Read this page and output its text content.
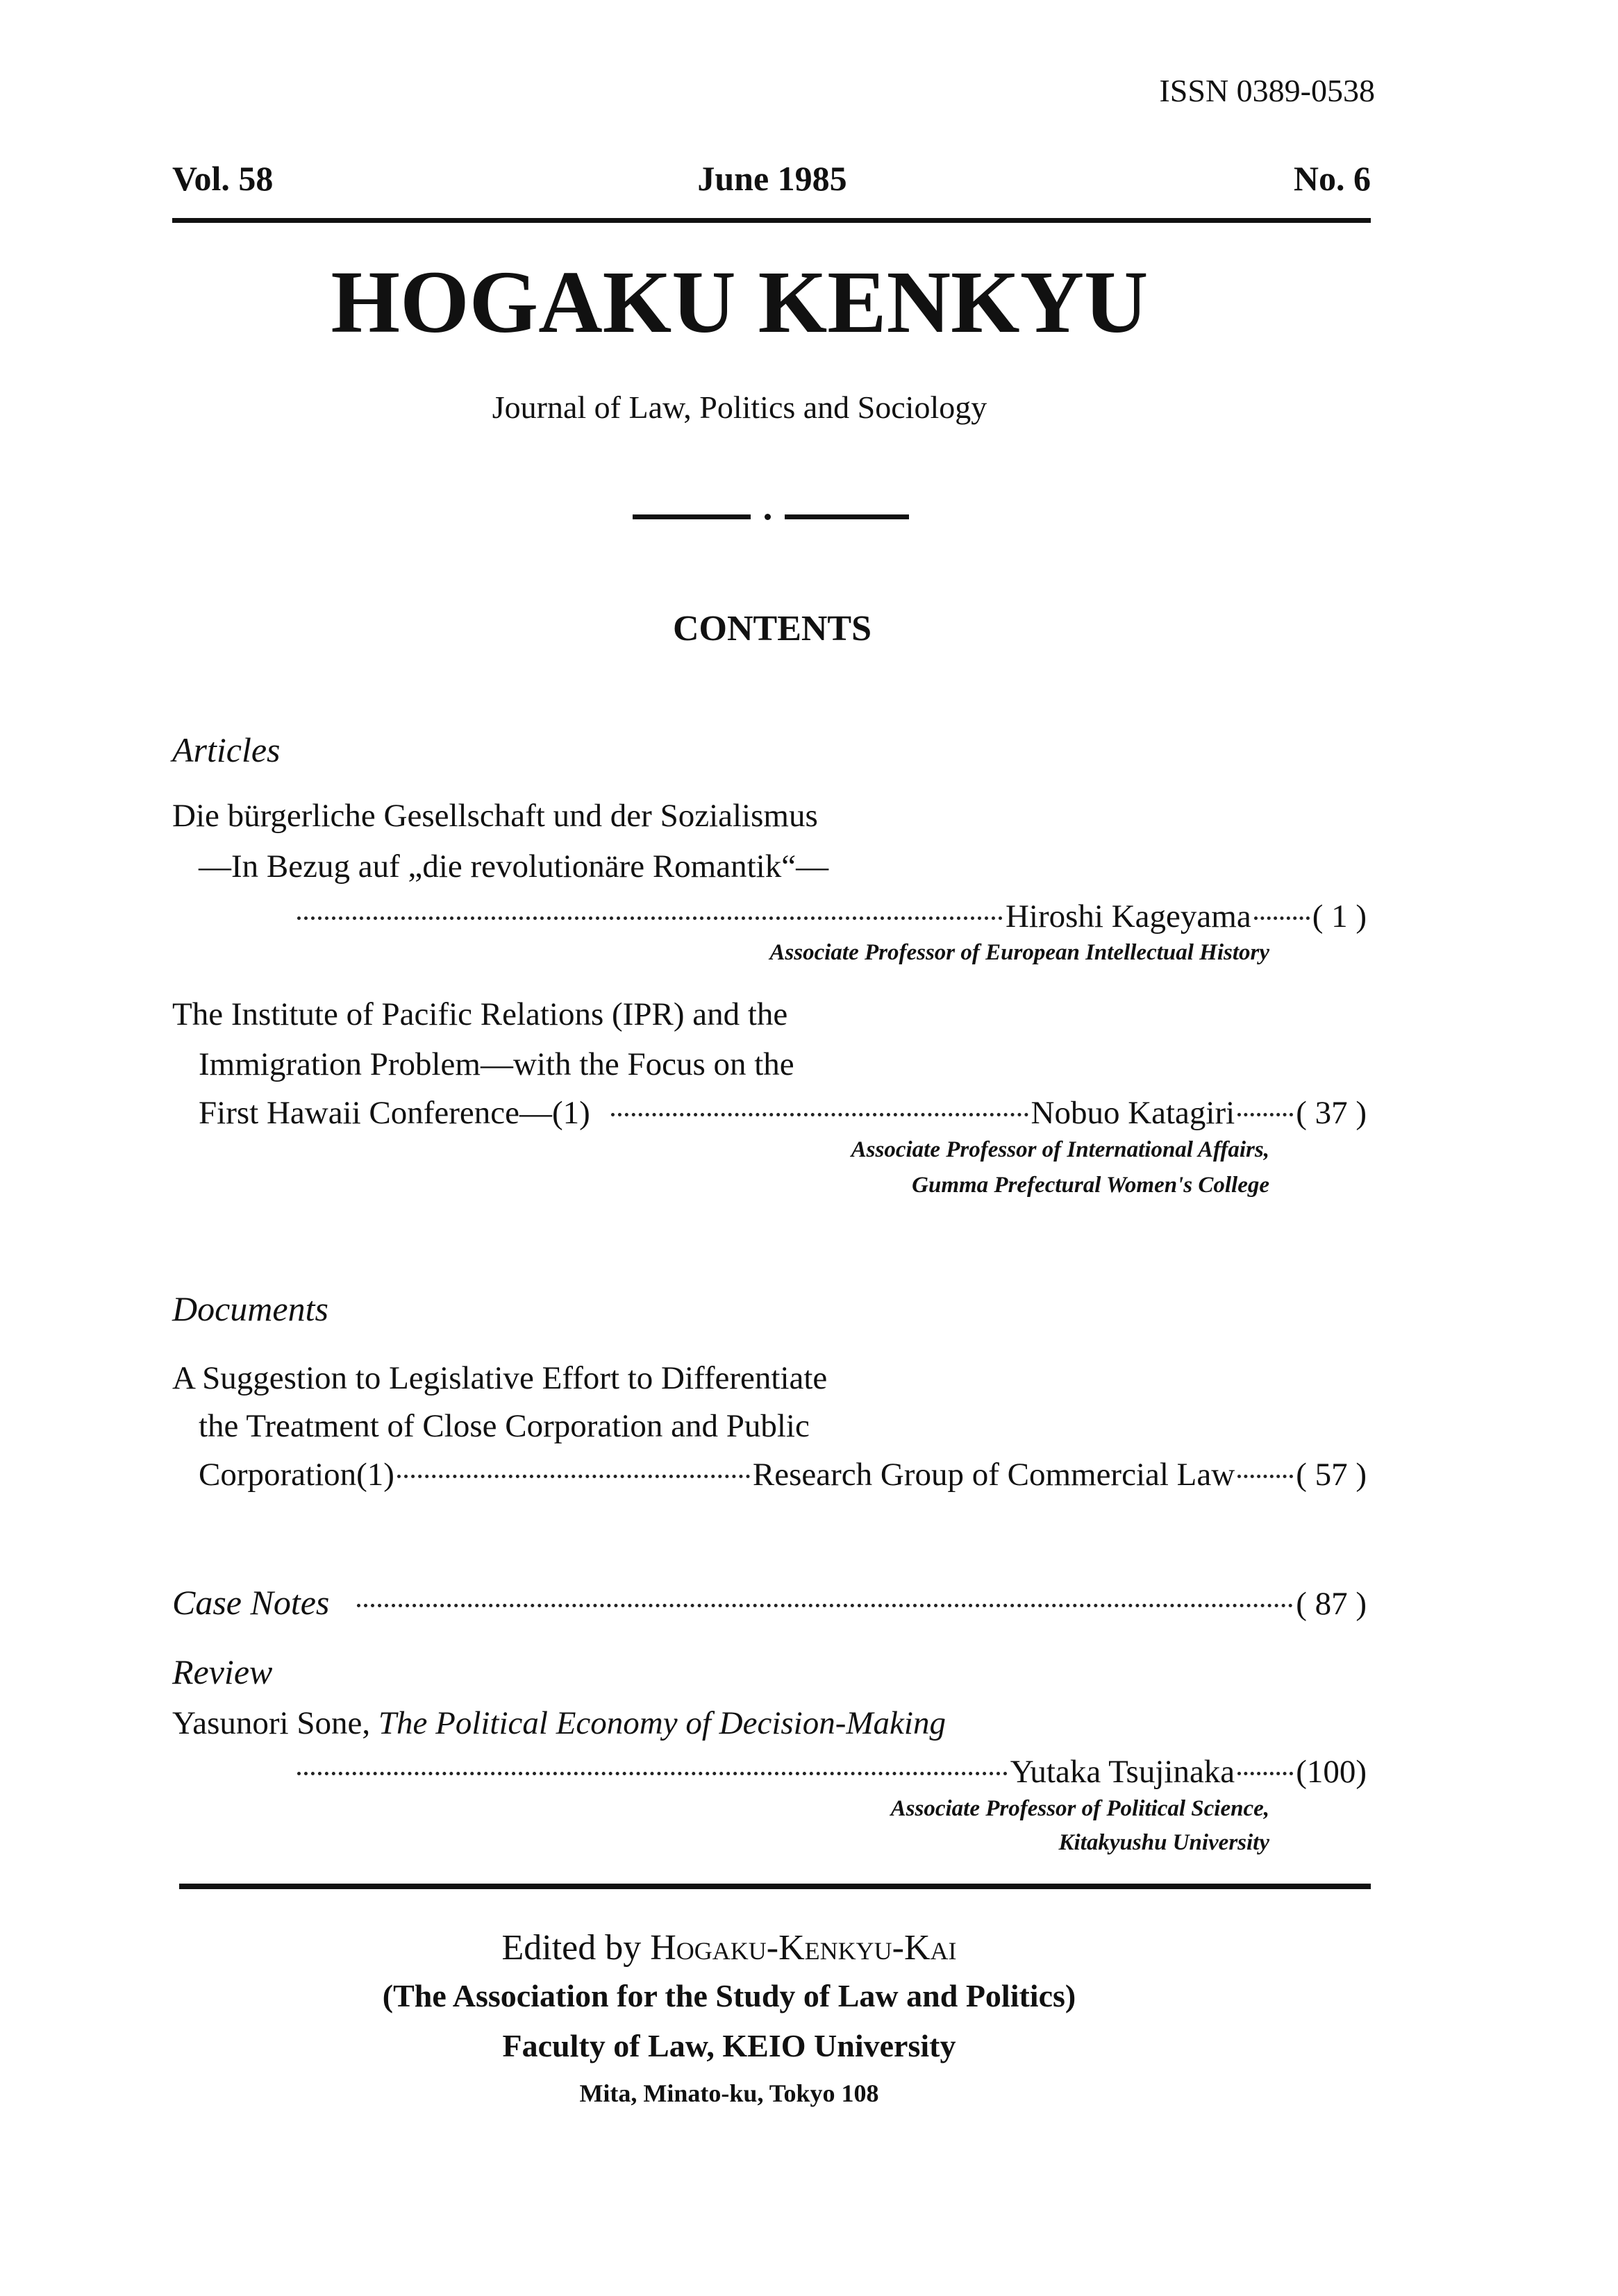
ISSN 0389-0538
Vol. 58	June 1985	No. 6
HOGAKU KENKYU
Journal of Law, Politics and Sociology
CONTENTS
Articles
Die bürgerliche Gesellschaft und der Sozialismus
—In Bezug auf „die revolutionäre Romantik“—
Hiroshi Kageyama ( 1 )
Associate Professor of European Intellectual History
The Institute of Pacific Relations (IPR) and the
Immigration Problem—with the Focus on the
First Hawaii Conference—(1)	Nobuo Katagiri ( 37 )
Associate Professor of International Affairs,
Gumma Prefectural Women's College
Documents
A Suggestion to Legislative Effort to Differentiate
the Treatment of Close Corporation and Public
Corporation(1)	Research Group of Commercial Law ( 57 )
Case Notes	( 87 )
Review
Yasunori Sone, The Political Economy of Decision-Making
Yutaka Tsujinaka (100)
Associate Professor of Political Science,
Kitakyushu University
Edited by Hogaku-Kenkyu-Kai
(The Association for the Study of Law and Politics)
Faculty of Law, KEIO University
Mita, Minato-ku, Tokyo 108
